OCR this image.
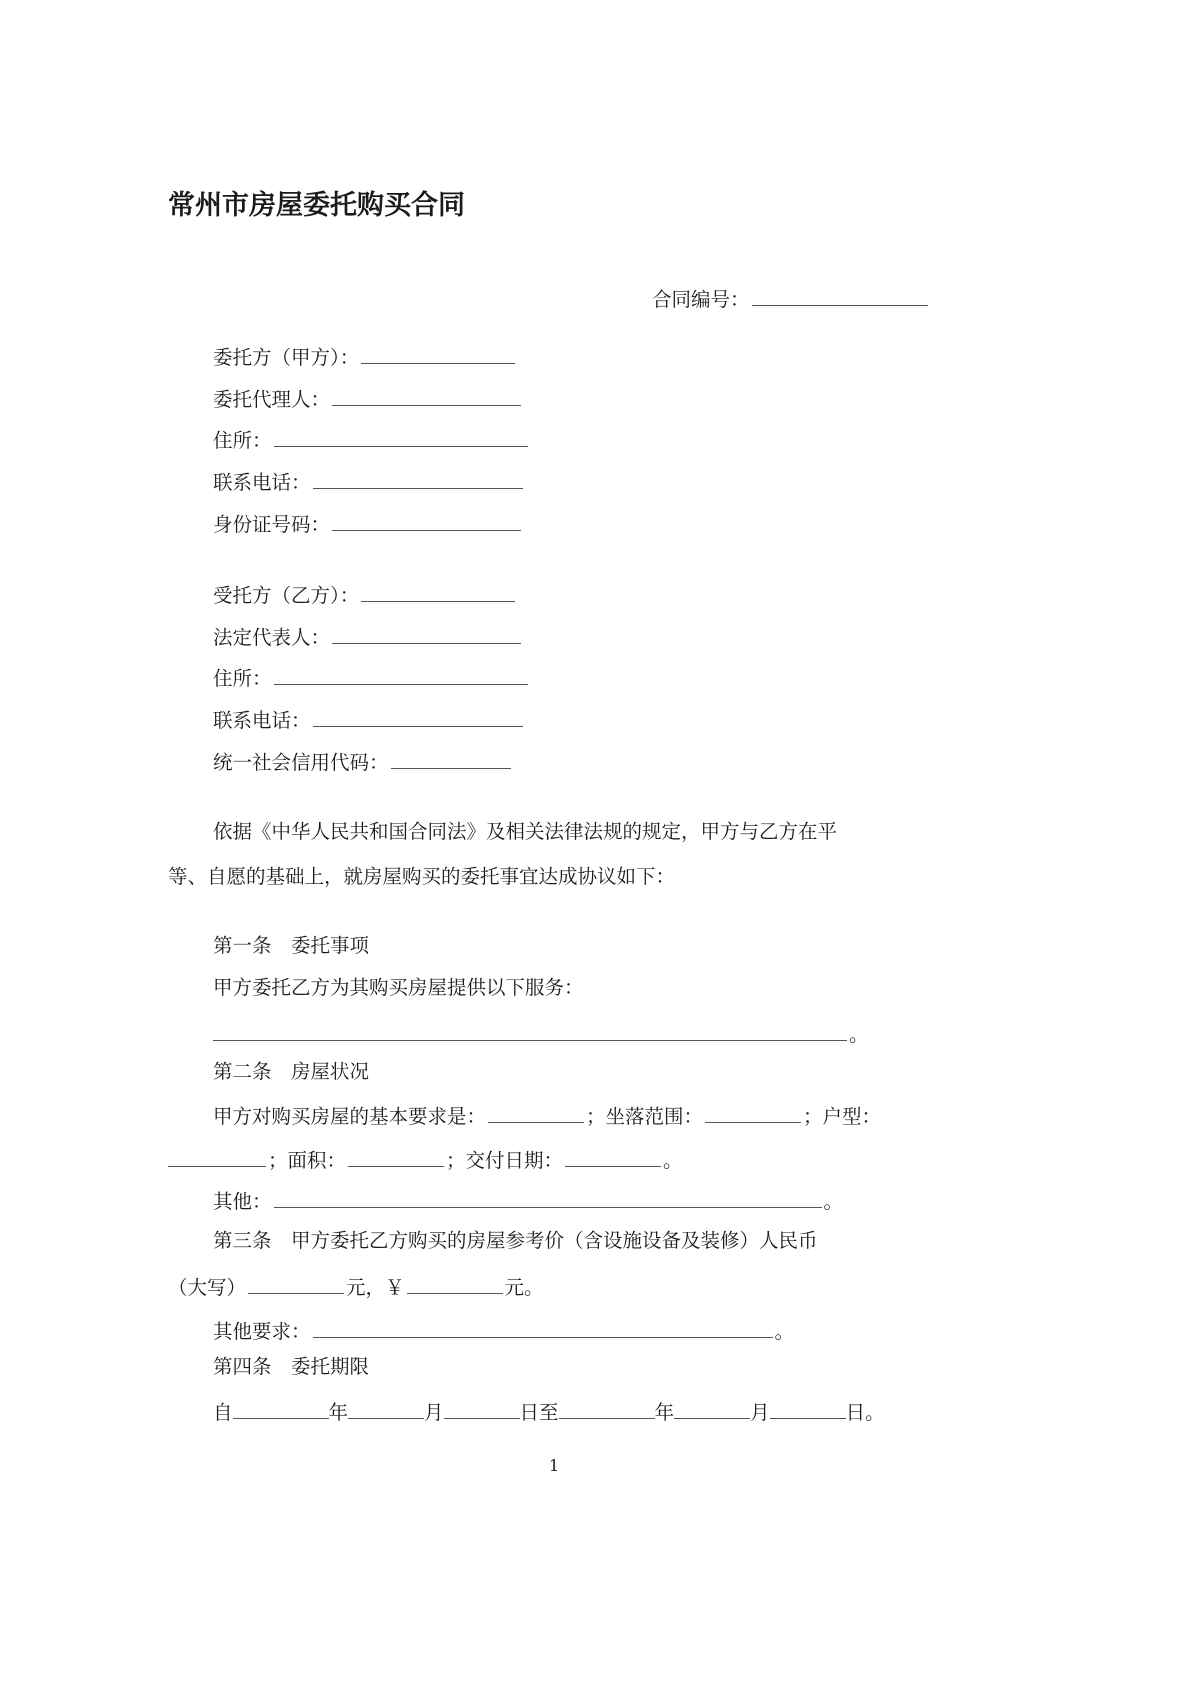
常州市房屋委托购买合同
合同编号：
委托方（甲方）：
委托代理人：
住所：
联系电话：
身份证号码：
受托方（乙方）：
法定代表人：
住所：
联系电话：
统一社会信用代码：
依据《中华人民共和国合同法》及相关法律法规的规定，甲方与乙方在平
等、自愿的基础上，就房屋购买的委托事宜达成协议如下：
第一条　委托事项
甲方委托乙方为其购买房屋提供以下服务：
。
第二条　房屋状况
甲方对购买房屋的基本要求是：	；坐落范围：	；户型：
；面积：	；交付日期：	。
其他：	。
第三条　甲方委托乙方购买的房屋参考价（含设施设备及装修）人民币
（大写）	元，￥	元。
其他要求：	。
第四条　委托期限
自	年	月	日至	年	月	日。
1
